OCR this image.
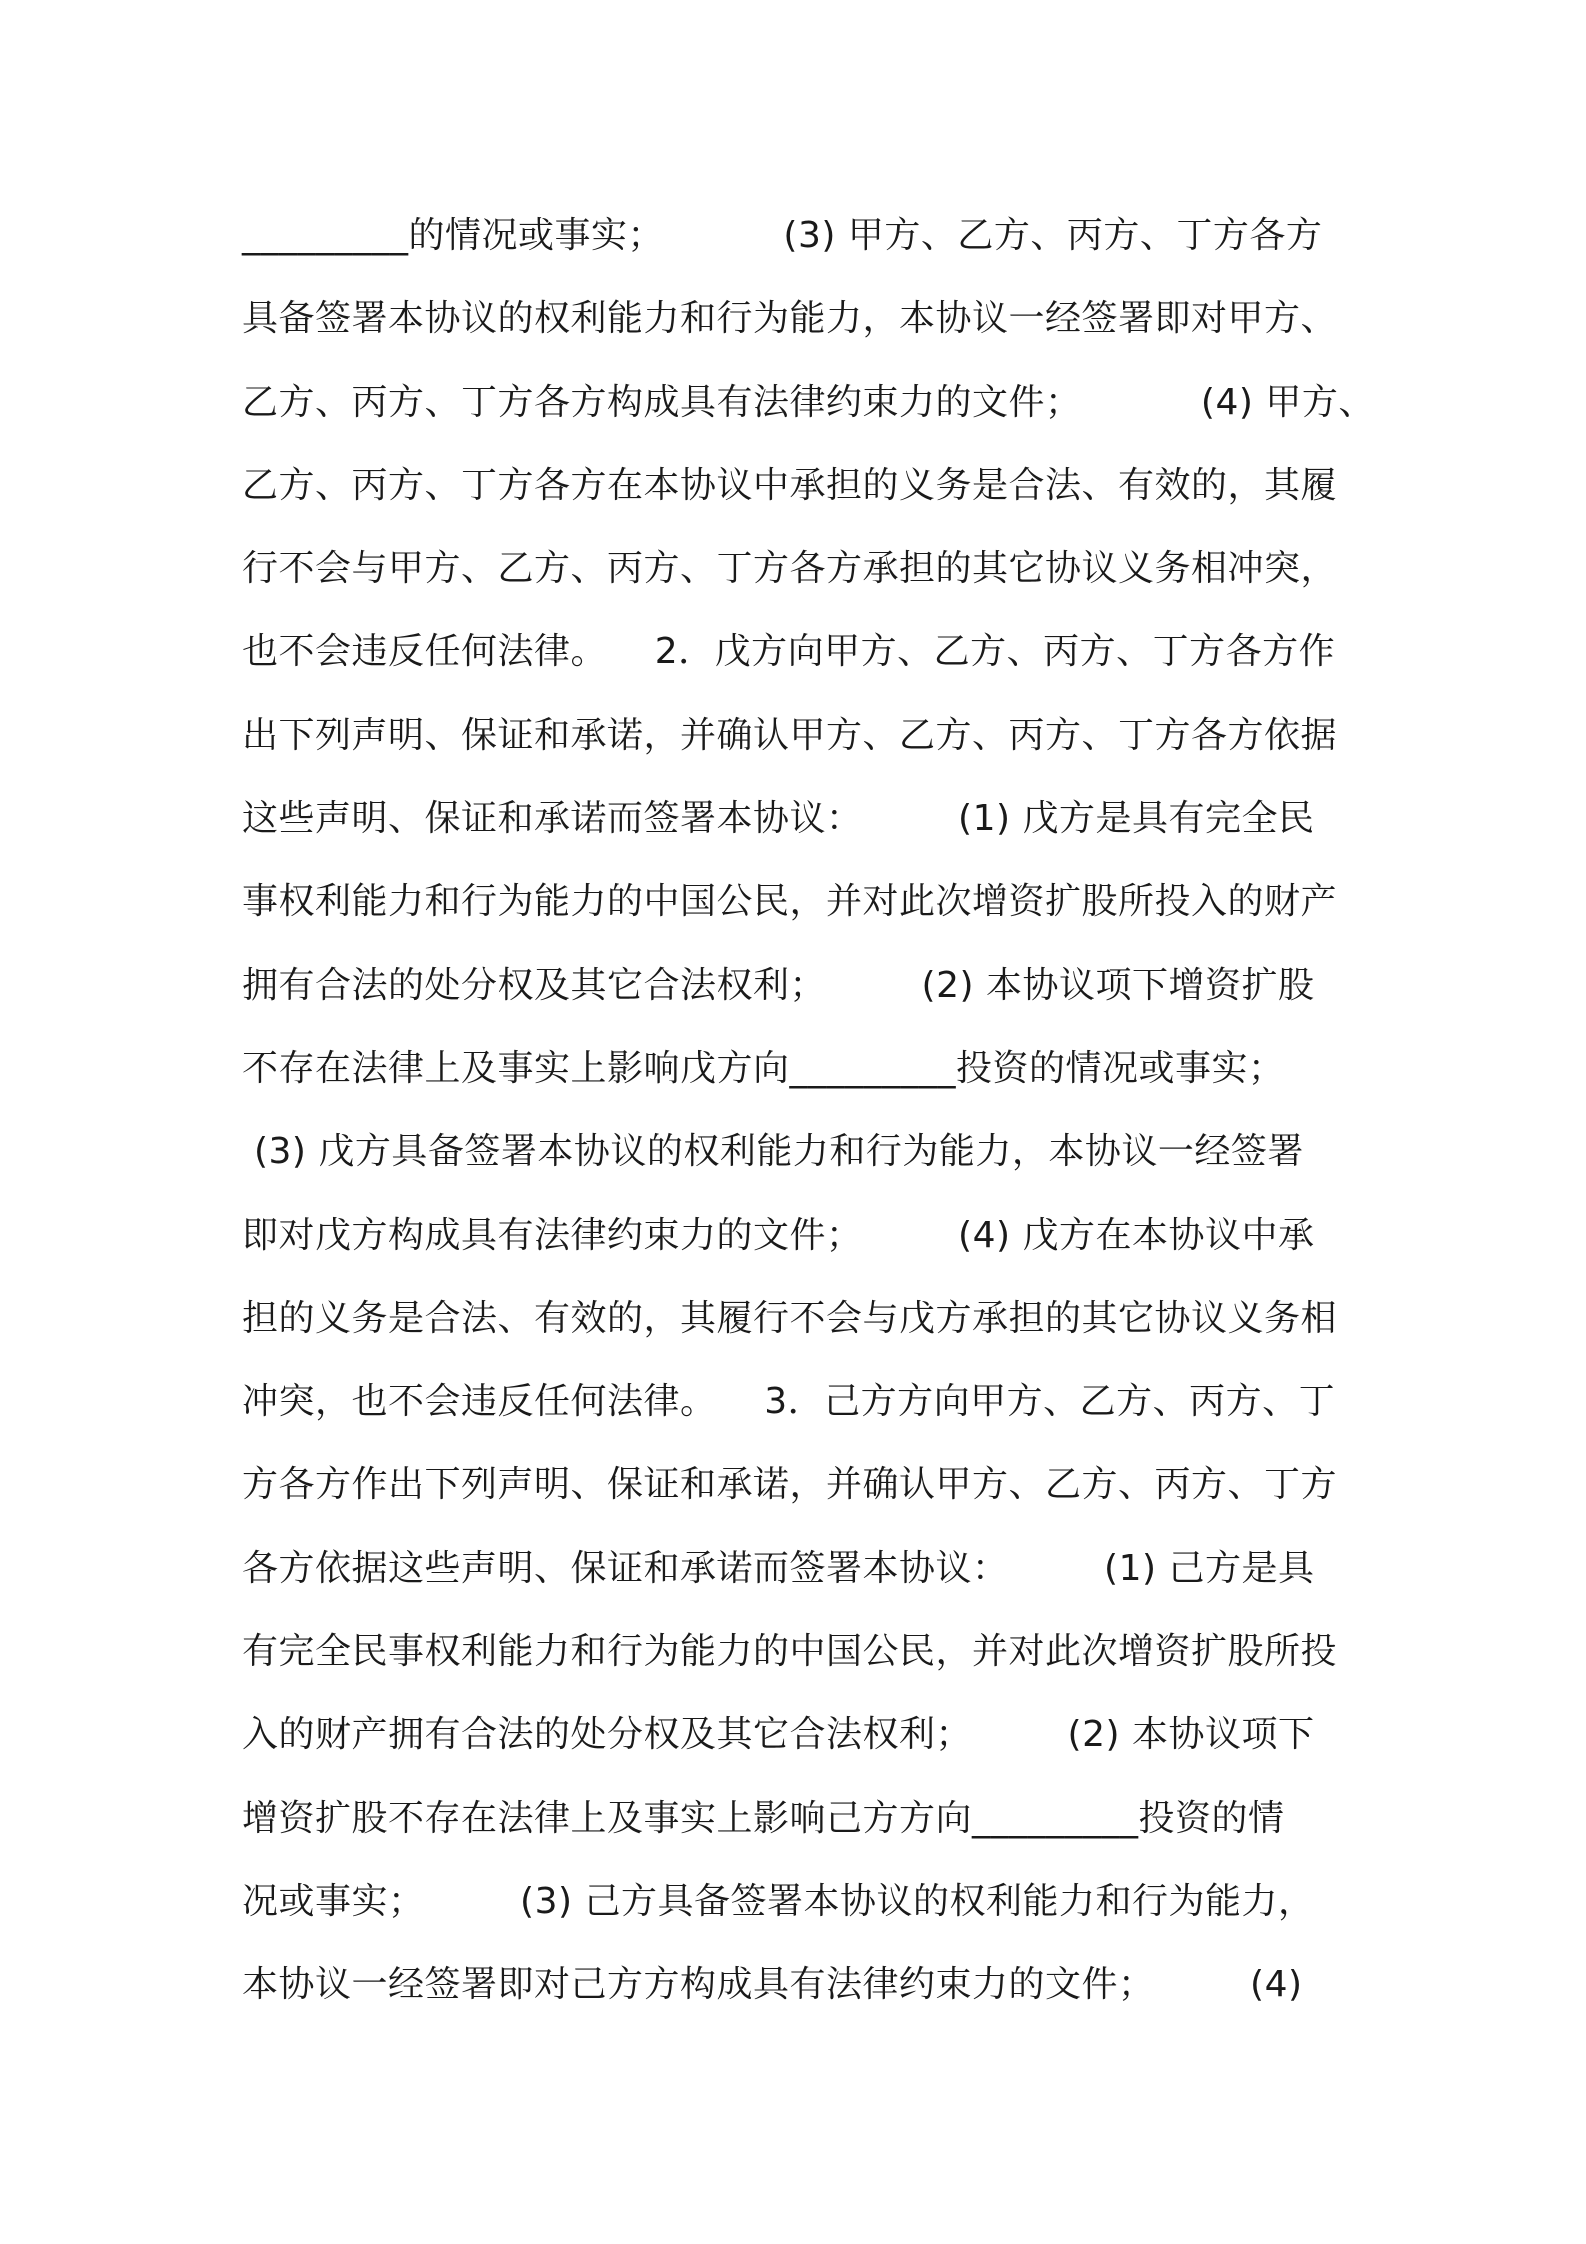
_________的情况或事实；          (3) 甲方、乙方、丙方、丁方各方
具备签署本协议的权利能力和行为能力，本协议一经签署即对甲方、
乙方、丙方、丁方各方构成具有法律约束力的文件；          (4) 甲方、
乙方、丙方、丁方各方在本协议中承担的义务是合法、有效的，其履
行不会与甲方、乙方、丙方、丁方各方承担的其它协议义务相冲突，
也不会违反任何法律。    2．戊方向甲方、乙方、丙方、丁方各方作
出下列声明、保证和承诺，并确认甲方、乙方、丙方、丁方各方依据
这些声明、保证和承诺而签署本协议：        (1) 戊方是具有完全民
事权利能力和行为能力的中国公民，并对此次增资扩股所投入的财产
拥有合法的处分权及其它合法权利；        (2) 本协议项下增资扩股
不存在法律上及事实上影响戊方向_________投资的情况或事实；
(3) 戊方具备签署本协议的权利能力和行为能力，本协议一经签署
即对戊方构成具有法律约束力的文件；        (4) 戊方在本协议中承
担的义务是合法、有效的，其履行不会与戊方承担的其它协议义务相
冲突，也不会违反任何法律。    3．己方方向甲方、乙方、丙方、丁
方各方作出下列声明、保证和承诺，并确认甲方、乙方、丙方、丁方
各方依据这些声明、保证和承诺而签署本协议：        (1) 己方是具
有完全民事权利能力和行为能力的中国公民，并对此次增资扩股所投
入的财产拥有合法的处分权及其它合法权利；        (2) 本协议项下
增资扩股不存在法律上及事实上影响己方方向_________投资的情
况或事实；        (3) 己方具备签署本协议的权利能力和行为能力，
本协议一经签署即对己方方构成具有法律约束力的文件；        (4)
